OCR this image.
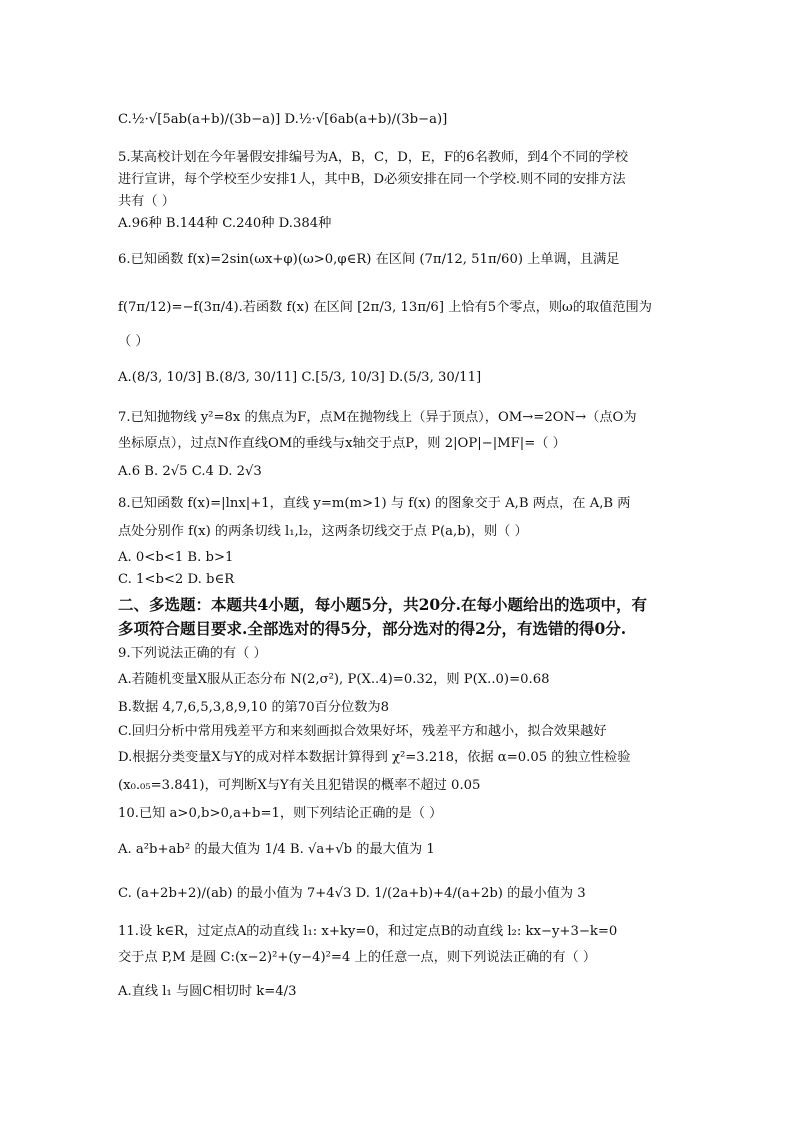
C.½·√[5ab(a+b)/(3b−a)] D.½·√[6ab(a+b)/(3b−a)]
5.某高校计划在今年暑假安排编号为A，B，C，D，E，F的6名教师，到4个不同的学校
进行宣讲，每个学校至少安排1人，其中B，D必须安排在同一个学校.则不同的安排方法
共有（ ）
A.96种 B.144种 C.240种 D.384种
6.已知函数 f(x)=2sin(ωx+φ)(ω>0,φ∈R) 在区间 (7π/12, 51π/60) 上单调，且满足
f(7π/12)=−f(3π/4).若函数 f(x) 在区间 [2π/3, 13π/6] 上恰有5个零点，则ω的取值范围为
（ ）
A.(8/3, 10/3] B.(8/3, 30/11] C.[5/3, 10/3] D.(5/3, 30/11]
7.已知抛物线 y²=8x 的焦点为F，点M在抛物线上（异于顶点），OM→=2ON→（点O为
坐标原点），过点N作直线OM的垂线与x轴交于点P，则 2|OP|−|MF|=（ ）
A.6 B. 2√5 C.4 D. 2√3
8.已知函数 f(x)=|lnx|+1，直线 y=m(m>1) 与 f(x) 的图象交于 A,B 两点，在 A,B 两
点处分别作 f(x) 的两条切线 l₁,l₂，这两条切线交于点 P(a,b)，则（ ）
A. 0<b<1 B. b>1
C. 1<b<2 D. b∈R
二、多选题：本题共4小题，每小题5分，共20分.在每小题给出的选项中，有
多项符合题目要求.全部选对的得5分，部分选对的得2分，有选错的得0分.
9.下列说法正确的有（ ）
A.若随机变量X服从正态分布 N(2,σ²), P(X..4)=0.32，则 P(X..0)=0.68
B.数据 4,7,6,5,3,8,9,10 的第70百分位数为8
C.回归分析中常用残差平方和来刻画拟合效果好坏，残差平方和越小，拟合效果越好
D.根据分类变量X与Y的成对样本数据计算得到 χ²=3.218，依据 α=0.05 的独立性检验
(x₀.₀₅=3.841)，可判断X与Y有关且犯错误的概率不超过 0.05
10.已知 a>0,b>0,a+b=1，则下列结论正确的是（ ）
A. a²b+ab² 的最大值为 1/4 B. √a+√b 的最大值为 1
C. (a+2b+2)/(ab) 的最小值为 7+4√3 D. 1/(2a+b)+4/(a+2b) 的最小值为 3
11.设 k∈R，过定点A的动直线 l₁: x+ky=0，和过定点B的动直线 l₂: kx−y+3−k=0
交于点 P,M 是圆 C:(x−2)²+(y−4)²=4 上的任意一点，则下列说法正确的有（ ）
A.直线 l₁ 与圆C相切时 k=4/3
